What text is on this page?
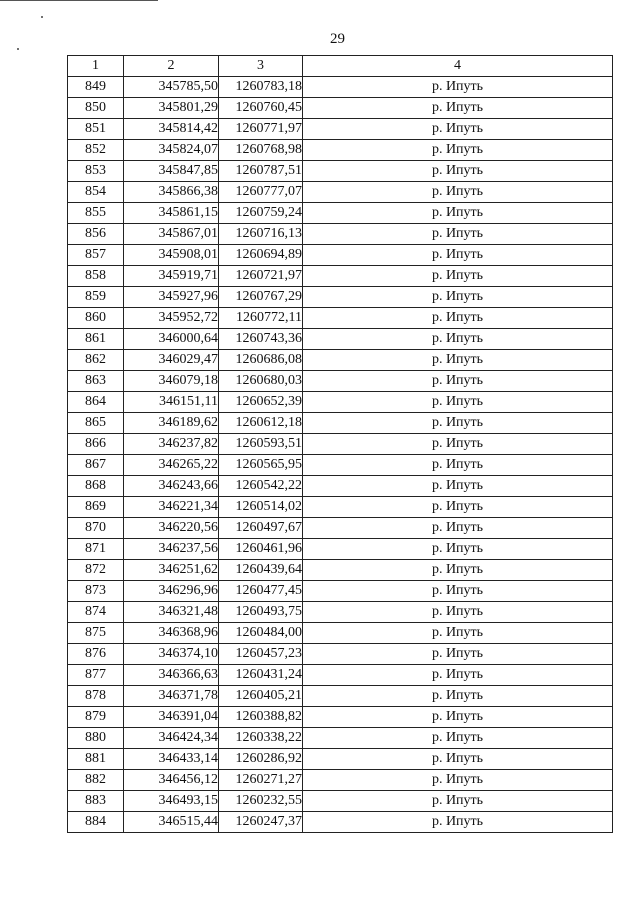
29
1	2	3	4
849	345785,50	1260783,18	р. Ипуть
850	345801,29	1260760,45	р. Ипуть
851	345814,42	1260771,97	р. Ипуть
852	345824,07	1260768,98	р. Ипуть
853	345847,85	1260787,51	р. Ипуть
854	345866,38	1260777,07	р. Ипуть
855	345861,15	1260759,24	р. Ипуть
856	345867,01	1260716,13	р. Ипуть
857	345908,01	1260694,89	р. Ипуть
858	345919,71	1260721,97	р. Ипуть
859	345927,96	1260767,29	р. Ипуть
860	345952,72	1260772,11	р. Ипуть
861	346000,64	1260743,36	р. Ипуть
862	346029,47	1260686,08	р. Ипуть
863	346079,18	1260680,03	р. Ипуть
864	346151,11	1260652,39	р. Ипуть
865	346189,62	1260612,18	р. Ипуть
866	346237,82	1260593,51	р. Ипуть
867	346265,22	1260565,95	р. Ипуть
868	346243,66	1260542,22	р. Ипуть
869	346221,34	1260514,02	р. Ипуть
870	346220,56	1260497,67	р. Ипуть
871	346237,56	1260461,96	р. Ипуть
872	346251,62	1260439,64	р. Ипуть
873	346296,96	1260477,45	р. Ипуть
874	346321,48	1260493,75	р. Ипуть
875	346368,96	1260484,00	р. Ипуть
876	346374,10	1260457,23	р. Ипуть
877	346366,63	1260431,24	р. Ипуть
878	346371,78	1260405,21	р. Ипуть
879	346391,04	1260388,82	р. Ипуть
880	346424,34	1260338,22	р. Ипуть
881	346433,14	1260286,92	р. Ипуть
882	346456,12	1260271,27	р. Ипуть
883	346493,15	1260232,55	р. Ипуть
884	346515,44	1260247,37	р. Ипуть
